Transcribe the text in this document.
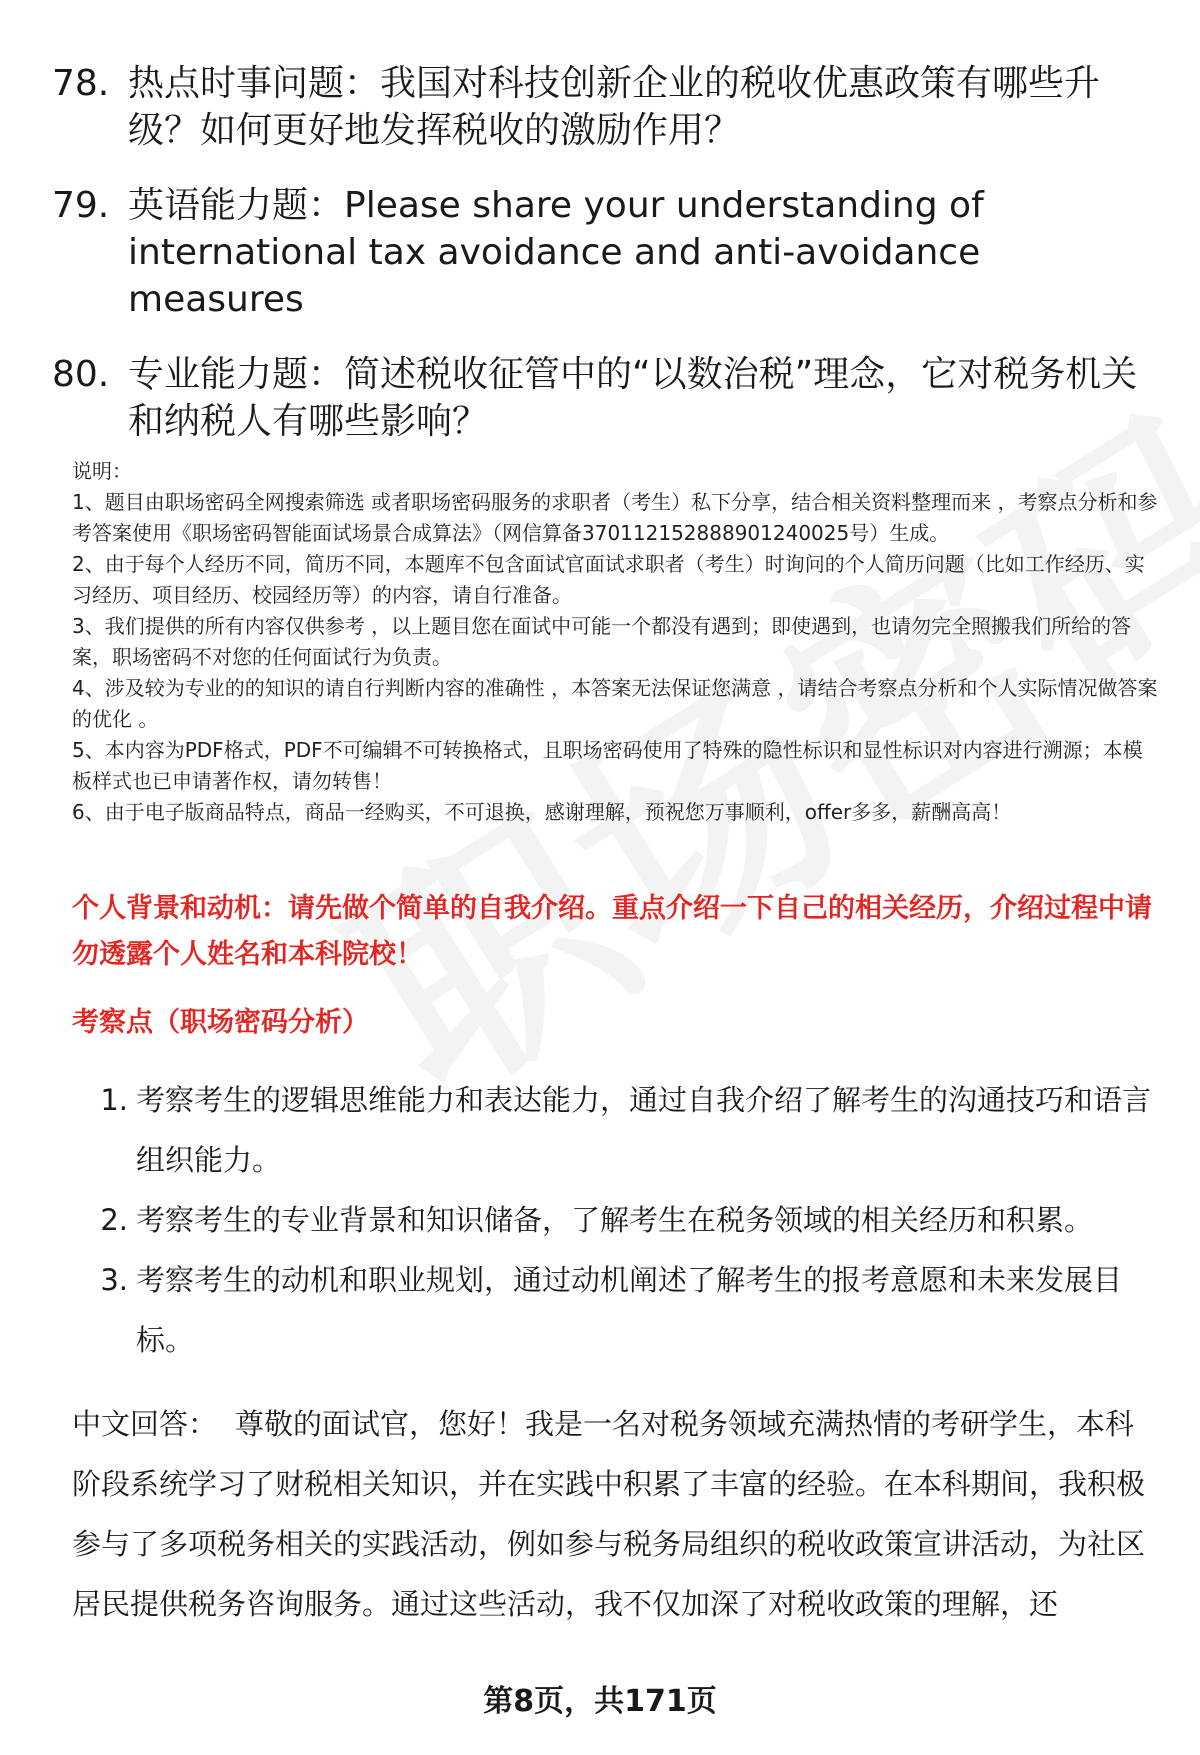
78. 热点时事问题：我国对科技创新企业的税收优惠政策有哪些升级？如何更好地发挥税收的激励作用？
79. 英语能力题：Please share your understanding of international tax avoidance and anti-avoidance measures
80. 专业能力题：简述税收征管中的“以数治税”理念，它对税务机关和纳税人有哪些影响？

说明：

1、题目由职场密码全网搜索筛选 或者职场密码服务的求职者（考生）私下分享，结合相关资料整理而来 ，考察点分析和参考答案使用《职场密码智能面试场景合成算法》（网信算备370112152888901240025号）生成。

2、由于每个人经历不同，简历不同，本题库不包含面试官面试求职者（考生）时询问的个人简历问题（比如工作经历、实习经历、项目经历、校园经历等）的内容，请自行准备。

3、我们提供的所有内容仅供参考 ，以上题目您在面试中可能一个都没有遇到；即使遇到，也请勿完全照搬我们所给的答案，职场密码不对您的任何面试行为负责。

4、涉及较为专业的的知识的请自行判断内容的准确性 ，本答案无法保证您满意 ，请结合考察点分析和个人实际情况做答案的优化 。

5、本内容为PDF格式，PDF不可编辑不可转换格式，且职场密码使用了特殊的隐性标识和显性标识对内容进行溯源；本模板样式也已申请著作权，请勿转售！

6、由于电子版商品特点，商品一经购买，不可退换，感谢理解，预祝您万事顺利，offer多多，薪酬高高！

个人背景和动机：请先做个简单的自我介绍。重点介绍一下自己的相关经历，介绍过程中请勿透露个人姓名和本科院校！

考察点（职场密码分析）

1. 考察考生的逻辑思维能力和表达能力，通过自我介绍了解考生的沟通技巧和语言组织能力。
2. 考察考生的专业背景和知识储备，了解考生在税务领域的相关经历和积累。
3. 考察考生的动机和职业规划，通过动机阐述了解考生的报考意愿和未来发展目标。

中文回答： 尊敬的面试官，您好！我是一名对税务领域充满热情的考研学生，本科阶段系统学习了财税相关知识，并在实践中积累了丰富的经验。在本科期间，我积极参与了多项税务相关的实践活动，例如参与税务局组织的税收政策宣讲活动，为社区居民提供税务咨询服务。通过这些活动，我不仅加深了对税收政策的理解，还

第8页，共171页
